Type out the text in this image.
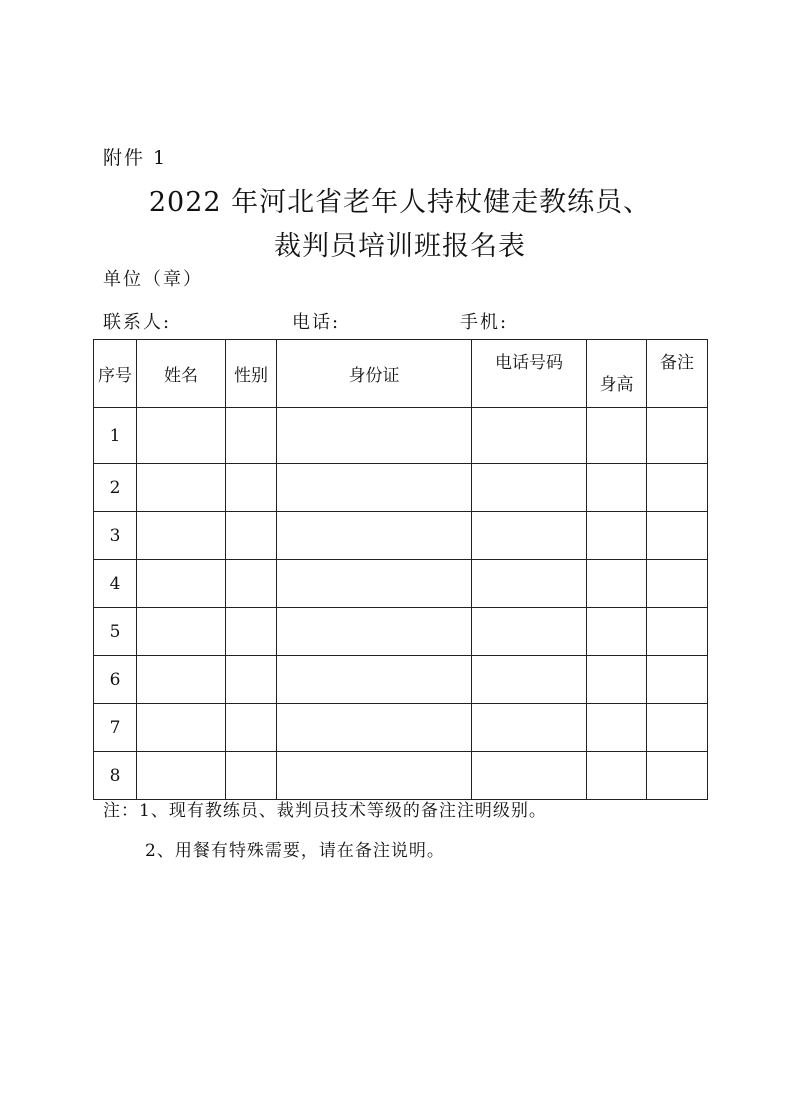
附件 1
2022 年河北省老年人持杖健走教练员、
裁判员培训班报名表
单位（章）
联系人:	电话:	手机:
序号	姓名	性别	身份证	电话号码	身高	备注
1						
2						
3						
4						
5						
6						
7						
8						
注：1、现有教练员、裁判员技术等级的备注注明级别。
2、用餐有特殊需要，请在备注说明。
